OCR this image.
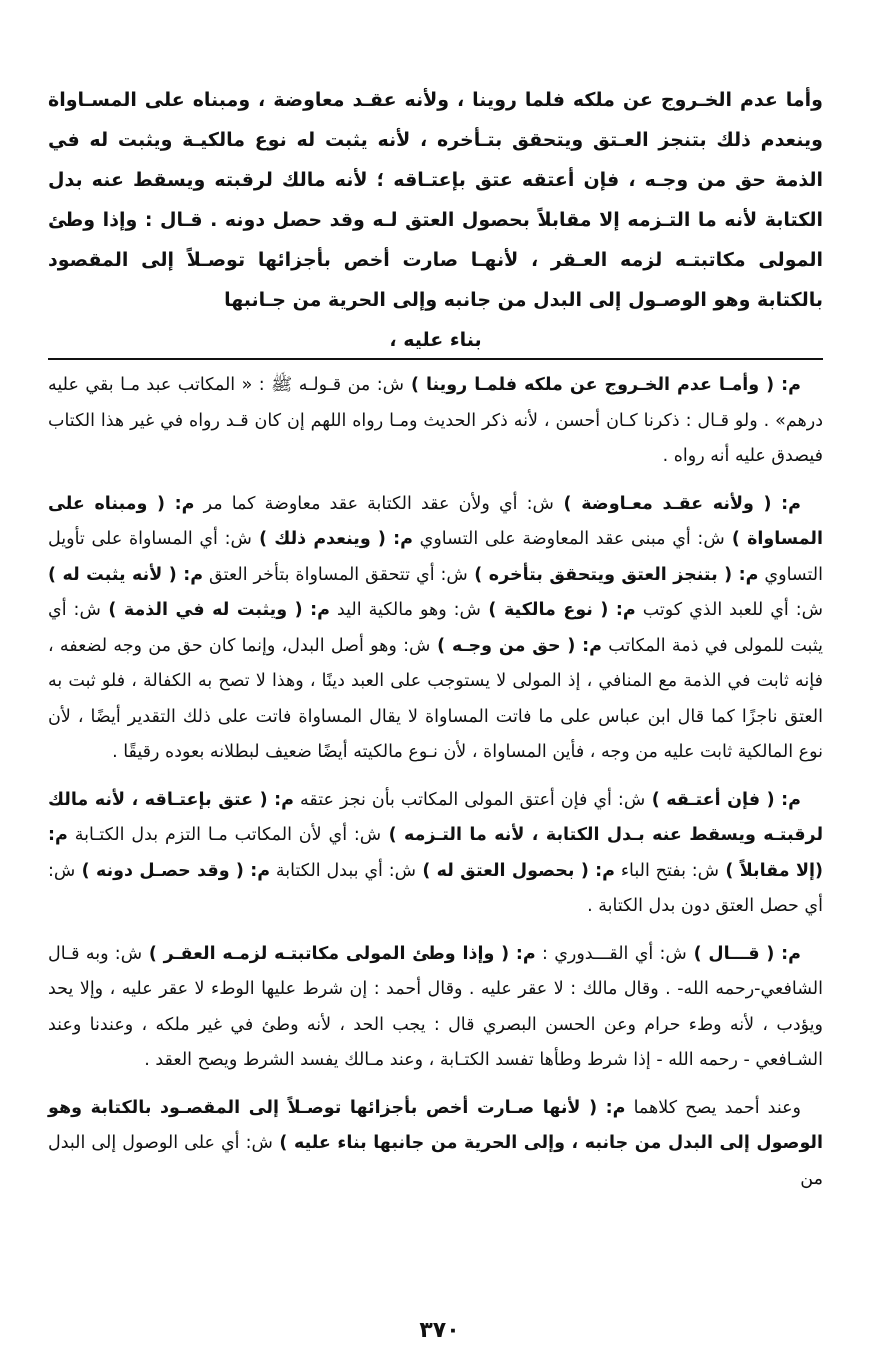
وأما عدم الخـروج عن ملكه فلما روينا ، ولأنه عقـد معاوضة ، ومبناه على المسـاواة وينعدم ذلك بتنجز العـتق ويتحقق بتـأخره ، لأنه يثبت له نوع مالكيـة ويثبت له في الذمة حق من وجـه ، فإن أعتقه عتق بإعتـاقه ؛ لأنه مالك لرقبته ويسقط عنه بدل الكتابة لأنه ما التـزمه إلا مقابلاً بحصول العتق لـه وقد حصل دونه . قـال : وإذا وطئ المولى مكاتبتـه لزمه العـقر ، لأنهـا صارت أخص بأجزائها توصـلاً إلى المقصود بالكتابة وهو الوصـول إلى البدل من جانبه وإلى الحرية من جـانبها

بناء عليه ،

م: ( وأمـا عدم الخـروج عن ملكه فلمـا روينا ) ش: من قـولـه ﷺ : « المكاتب عبد مـا بقي عليه درهم» . ولو قـال : ذكرنا كـان أحسن ، لأنه ذكر الحديث ومـا رواه اللهم إن كان قـد رواه في غير هذا الكتاب فيصدق عليه أنه رواه .

م: ( ولأنه عقـد معـاوضة ) ش: أي ولأن عقد الكتابة عقد معاوضة كما مر م: ( ومبناه على المساواة ) ش: أي مبنى عقد المعاوضة على التساوي م: ( وينعدم ذلك ) ش: أي المساواة على تأويل التساوي م: ( بتنجز العتق ويتحقق بتأخره ) ش: أي تتحقق المساواة بتأخر العتق م: ( لأنه يثبت له ) ش: أي للعبد الذي كوتب م: ( نوع مالكية ) ش: وهو مالكية اليد م: ( ويثبت له في الذمة ) ش: أي يثبت للمولى في ذمة المكاتب م: ( حق من وجـه ) ش: وهو أصل البدل، وإنما كان حق من وجه لضعفه ، فإنه ثابت في الذمة مع المنافي ، إذ المولى لا يستوجب على العبد دينًا ، وهذا لا تصح به الكفالة ، فلو ثبت به العتق ناجزًا كما قال ابن عباس على ما فاتت المساواة لا يقال المساواة فاتت على ذلك التقدير أيضًا ، لأن نوع المالكية ثابت عليه من وجه ، فأين المساواة ، لأن نـوع مالكيته أيضًا ضعيف لبطلانه بعوده رقيقًا .

م: ( فإن أعتـقه ) ش: أي فإن أعتق المولى المكاتب بأن نجز عتقه م: ( عتق بإعتـاقه ، لأنه مالك لرقبتـه ويسقط عنه بـدل الكتابة ، لأنه ما التـزمه ) ش: أي لأن المكاتب مـا التزم بدل الكتـابة م: (إلا مقابلاً ) ش: بفتح الباء م: ( بحصول العتق له ) ش: أي ببدل الكتابة م: ( وقد حصـل دونه ) ش: أي حصل العتق دون بدل الكتابة .

م: ( قـــال ) ش: أي القـــدوري : م: ( وإذا وطئ المولى مكاتبتـه لزمـه العقـر ) ش: وبه قـال الشافعي-رحمه الله- . وقال مالك : لا عقر عليه . وقال أحمد : إن شرط عليها الوطء لا عقر عليه ، وإلا يحد ويؤدب ، لأنه وطء حرام وعن الحسن البصري قال : يجب الحد ، لأنه وطئ في غير ملكه ، وعندنا وعند الشـافعي - رحمه الله - إذا شرط وطأها تفسد الكتـابة ، وعند مـالك يفسد الشرط ويصح العقد .

وعند أحمد يصح كلاهما م: ( لأنها صـارت أخص بأجزائها توصـلاً إلى المقصـود بالكتابة وهو الوصول إلى البدل من جانبه ، وإلى الحرية من جانبها بناء عليه ) ش: أي على الوصول إلى البدل من

٣٧٠
